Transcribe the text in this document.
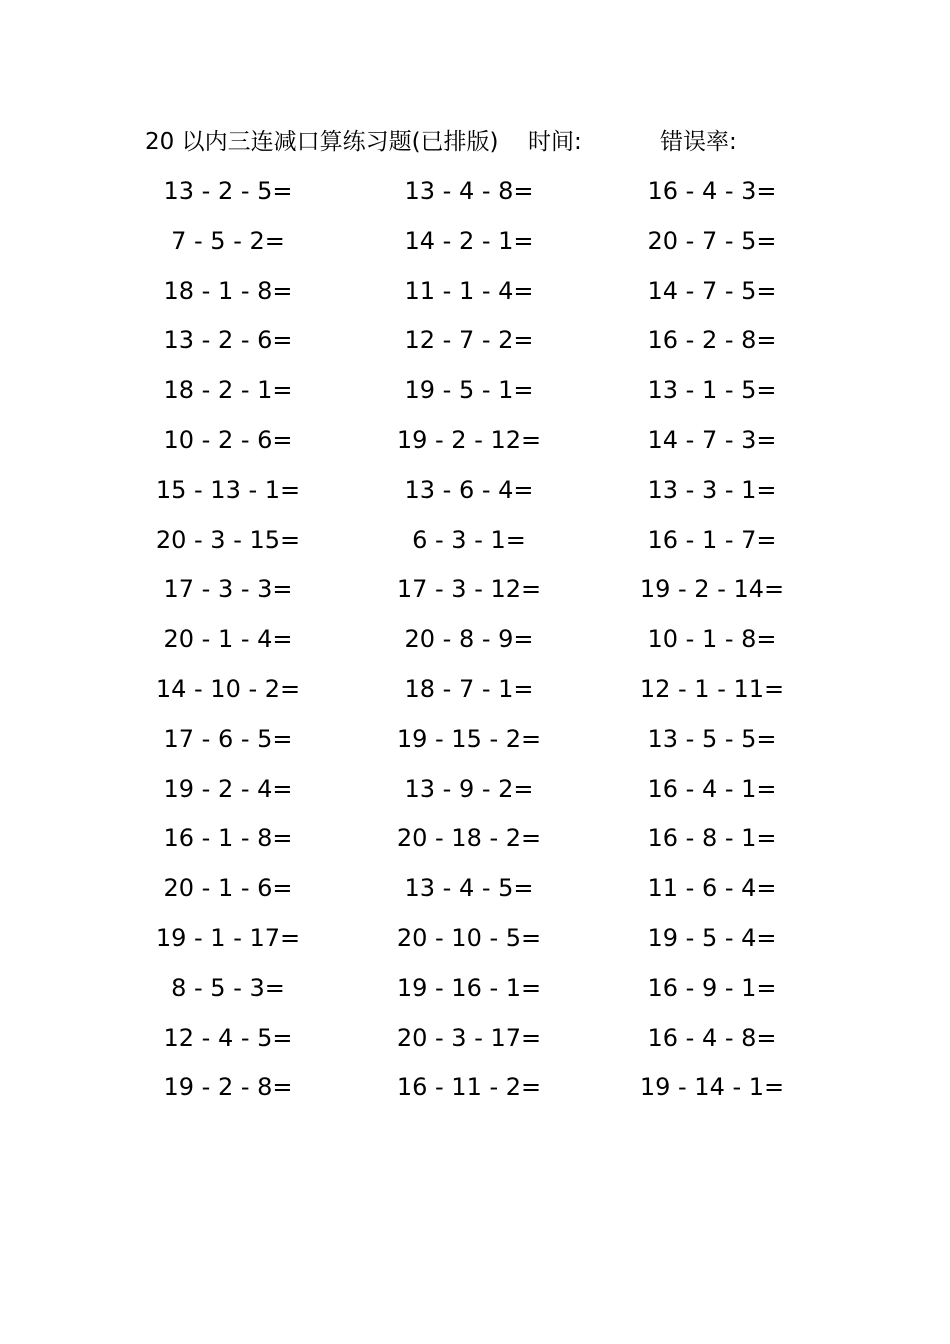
20 以内三连减口算练习题(已排版) 时间:	错误率:
13 - 2 - 5=	13 - 4 - 8=	16 - 4 - 3=
7 - 5 - 2=	14 - 2 - 1=	20 - 7 - 5=
18 - 1 - 8=	11 - 1 - 4=	14 - 7 - 5=
13 - 2 - 6=	12 - 7 - 2=	16 - 2 - 8=
18 - 2 - 1=	19 - 5 - 1=	13 - 1 - 5=
10 - 2 - 6=	19 - 2 - 12=	14 - 7 - 3=
15 - 13 - 1=	13 - 6 - 4=	13 - 3 - 1=
20 - 3 - 15=	6 - 3 - 1=	16 - 1 - 7=
17 - 3 - 3=	17 - 3 - 12=	19 - 2 - 14=
20 - 1 - 4=	20 - 8 - 9=	10 - 1 - 8=
14 - 10 - 2=	18 - 7 - 1=	12 - 1 - 11=
17 - 6 - 5=	19 - 15 - 2=	13 - 5 - 5=
19 - 2 - 4=	13 - 9 - 2=	16 - 4 - 1=
16 - 1 - 8=	20 - 18 - 2=	16 - 8 - 1=
20 - 1 - 6=	13 - 4 - 5=	11 - 6 - 4=
19 - 1 - 17=	20 - 10 - 5=	19 - 5 - 4=
8 - 5 - 3=	19 - 16 - 1=	16 - 9 - 1=
12 - 4 - 5=	20 - 3 - 17=	16 - 4 - 8=
19 - 2 - 8=	16 - 11 - 2=	19 - 14 - 1=
